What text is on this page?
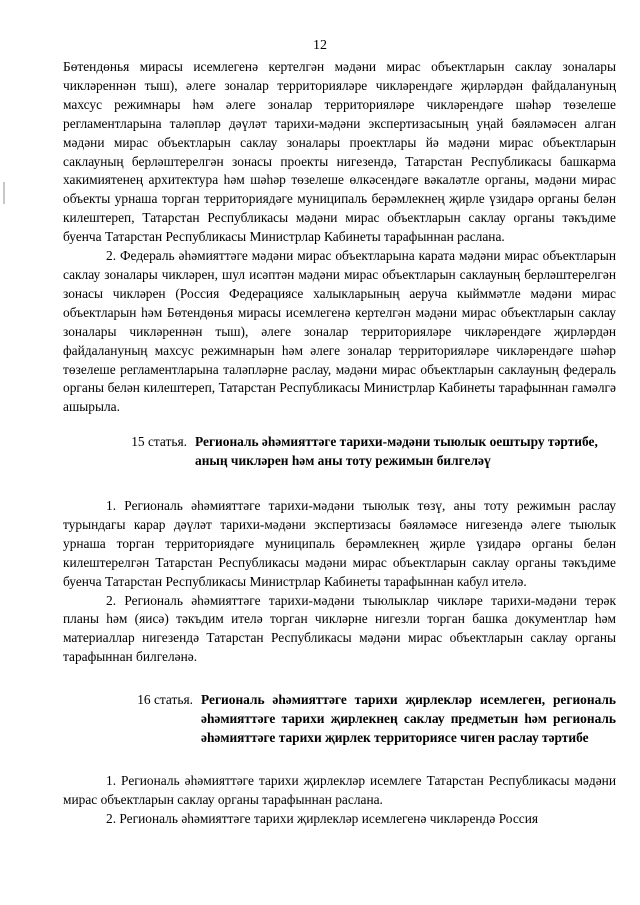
12

Бөтендөнья мирасы исемлегенә кертелгән мәдәни мирас объектларын саклау зоналары чикләреннән тыш), әлеге зоналар территорияләре чикләрендәге җирләрдән файдалануның махсус режимнары һәм әлеге зоналар территорияләре чикләрендәге шәһәр төзелеше регламентларына таләпләр дәүләт тарихи-мәдәни экспертизасының уңай бәяләмәсен алган мәдәни мирас объектларын саклау зоналары проектлары йә мәдәни мирас объектларын саклауның берләштерелгән зонасы проекты нигезендә, Татарстан Республикасы башкарма хакимиятенең архитектура һәм шәһәр төзелеше өлкәсендәге вәкаләтле органы, мәдәни мирас объекты урнаша торган территориядәге муниципаль берәмлекнең җирле үзидарә органы белән килештереп, Татарстан Республикасы мәдәни мирас объектларын саклау органы тәкъдиме буенча Татарстан Республикасы Министрлар Кабинеты тарафыннан раслана.

2. Федераль әһәмияттәге мәдәни мирас объектларына карата мәдәни мирас объектларын саклау зоналары чикләрен, шул исәптән мәдәни мирас объектларын саклауның берләштерелгән зонасы чикләрен (Россия Федерациясе халыкларының аеруча кыйммәтле мәдәни мирас объектларын һәм Бөтендөнья мирасы исемлегенә кертелгән мәдәни мирас объектларын саклау зоналары чикләреннән тыш), әлеге зоналар территорияләре чикләрендәге җирләрдән файдалануның махсус режимнарын һәм әлеге зоналар территорияләре чикләрендәге шәһәр төзелеше регламентларына таләпләрне раслау, мәдәни мирас объектларын саклауның федераль органы белән килештереп, Татарстан Республикасы Министрлар Кабинеты тарафыннан гамәлгә ашырыла.

15 статья. Региональ әһәмияттәге тарихи-мәдәни тыюлык оештыру тәртибе, аның чикләрен һәм аны тоту режимын билгеләү

1. Региональ әһәмияттәге тарихи-мәдәни тыюлык төзү, аны тоту режимын раслау турындагы карар дәүләт тарихи-мәдәни экспертизасы бәяләмәсе нигезендә әлеге тыюлык урнаша торган территориядәге муниципаль берәмлекнең җирле үзидарә органы белән килештерелгән Татарстан Республикасы мәдәни мирас объектларын саклау органы тәкъдиме буенча Татарстан Республикасы Министрлар Кабинеты тарафыннан кабул ителә.

2. Региональ әһәмияттәге тарихи-мәдәни тыюлыклар чикләре тарихи-мәдәни терәк планы һәм (яисә) тәкъдим ителә торган чикләрне нигезли торган башка документлар һәм материаллар нигезендә Татарстан Республикасы мәдәни мирас объектларын саклау органы тарафыннан билгеләнә.

16 статья. Региональ әһәмияттәге тарихи җирлекләр исемлеген, региональ әһәмияттәге тарихи җирлекнең саклау предметын һәм региональ әһәмияттәге тарихи җирлек территориясе чиген раслау тәртибе

1. Региональ әһәмияттәге тарихи җирлекләр исемлеге Татарстан Республикасы мәдәни мирас объектларын саклау органы тарафыннан раслана.

2. Региональ әһәмияттәге тарихи җирлекләр исемлегенә чикләрендә Россия
